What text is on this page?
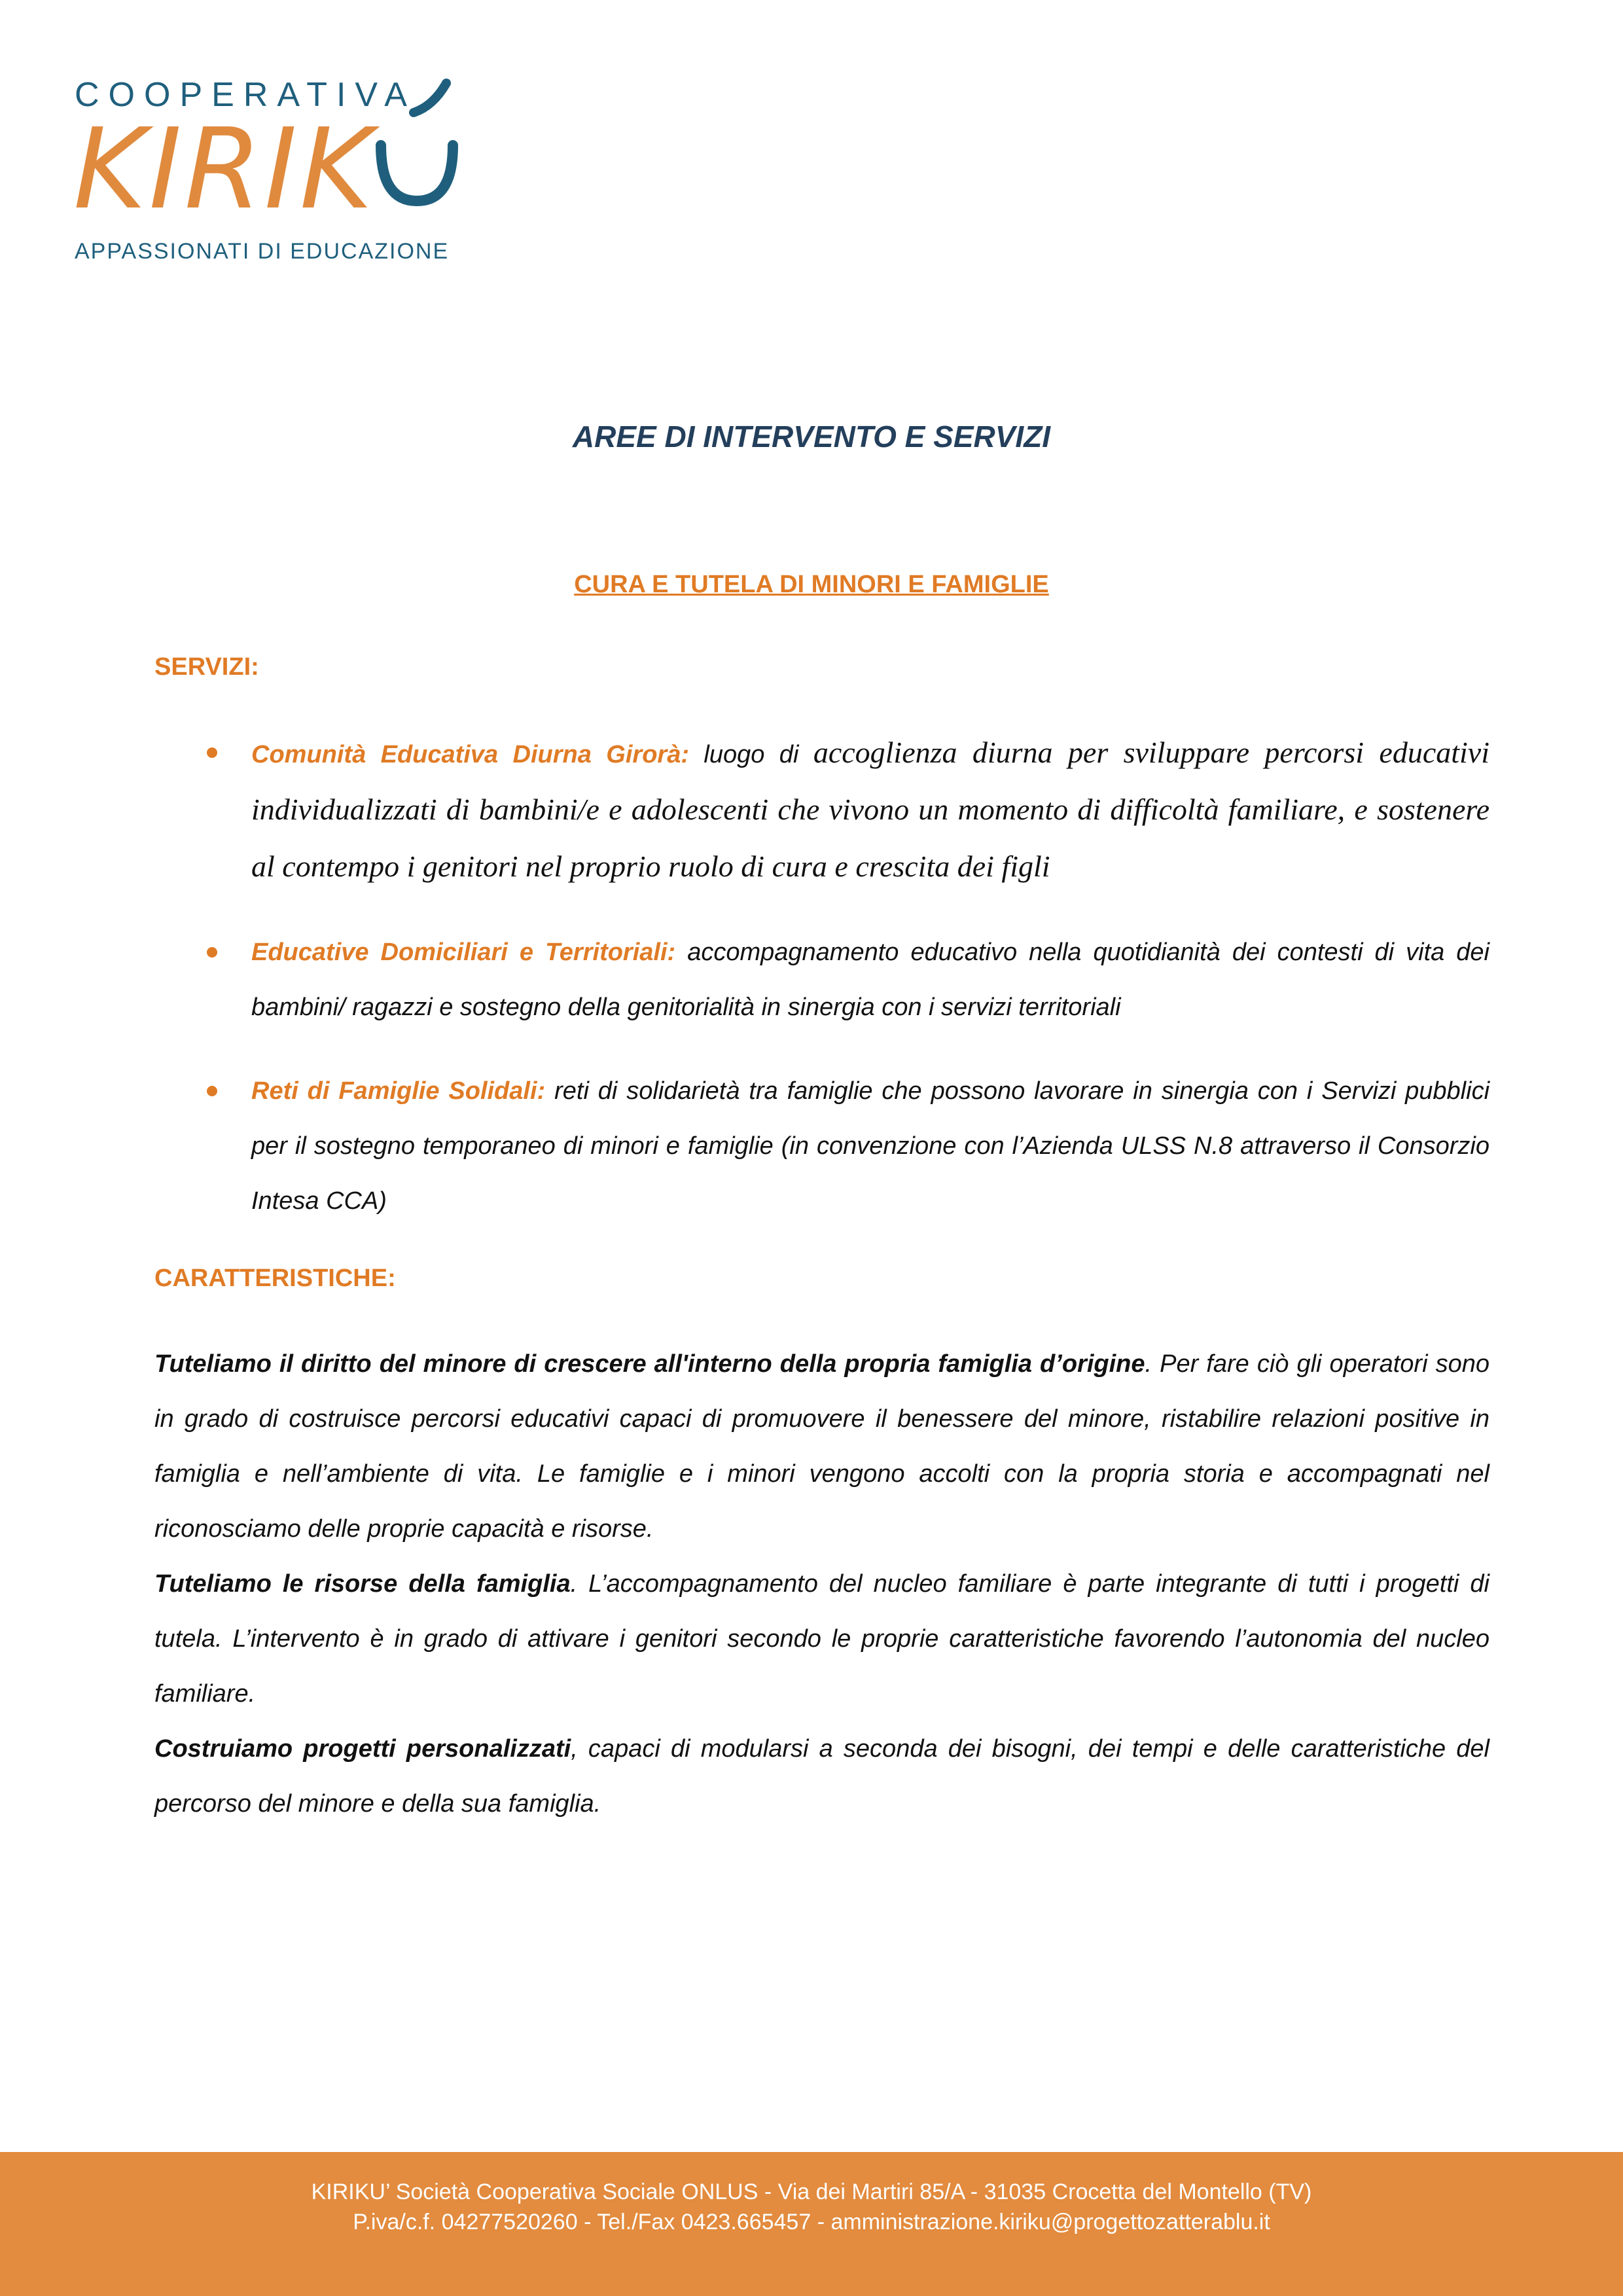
COOPERATIVA
KIRIK
APPASSIONATI DI EDUCAZIONE
AREE DI INTERVENTO E SERVIZI
CURA E TUTELA DI MINORI E FAMIGLIE
SERVIZI:
Comunità Educativa Diurna Girorà: luogo di accoglienza diurna per sviluppare percorsi educativi individualizzati di bambini/e e adolescenti che vivono un momento di difficoltà familiare, e sostenere al contempo i genitori nel proprio ruolo di cura e crescita dei figli
Educative Domiciliari e Territoriali: accompagnamento educativo nella quotidianità dei contesti di vita dei bambini/ ragazzi e sostegno della genitorialità in sinergia con i servizi territoriali
Reti di Famiglie Solidali: reti di solidarietà tra famiglie che possono lavorare in sinergia con i Servizi pubblici per il sostegno temporaneo di minori e famiglie (in convenzione con l’Azienda ULSS N.8 attraverso il Consorzio Intesa CCA)
CARATTERISTICHE:

Tuteliamo il diritto del minore di crescere all'interno della propria famiglia d’origine. Per fare ciò gli operatori sono in grado di costruisce percorsi educativi capaci di promuovere il benessere del minore, ristabilire relazioni positive in famiglia e nell’ambiente di vita. Le famiglie e i minori vengono accolti con la propria storia e accompagnati nel riconosciamo delle proprie capacità e risorse.

Tuteliamo le risorse della famiglia. L’accompagnamento del nucleo familiare è parte integrante di tutti i progetti di tutela. L’intervento è in grado di attivare i genitori secondo le proprie caratteristiche favorendo l’autonomia del nucleo familiare.

Costruiamo progetti personalizzati, capaci di modularsi a seconda dei bisogni, dei tempi e delle caratteristiche del percorso del minore e della sua famiglia.

KIRIKU’ Società Cooperativa Sociale ONLUS - Via dei Martiri 85/A - 31035 Crocetta del Montello (TV)
P.iva/c.f. 04277520260 - Tel./Fax 0423.665457 - amministrazione.kiriku@progettozatterablu.it
